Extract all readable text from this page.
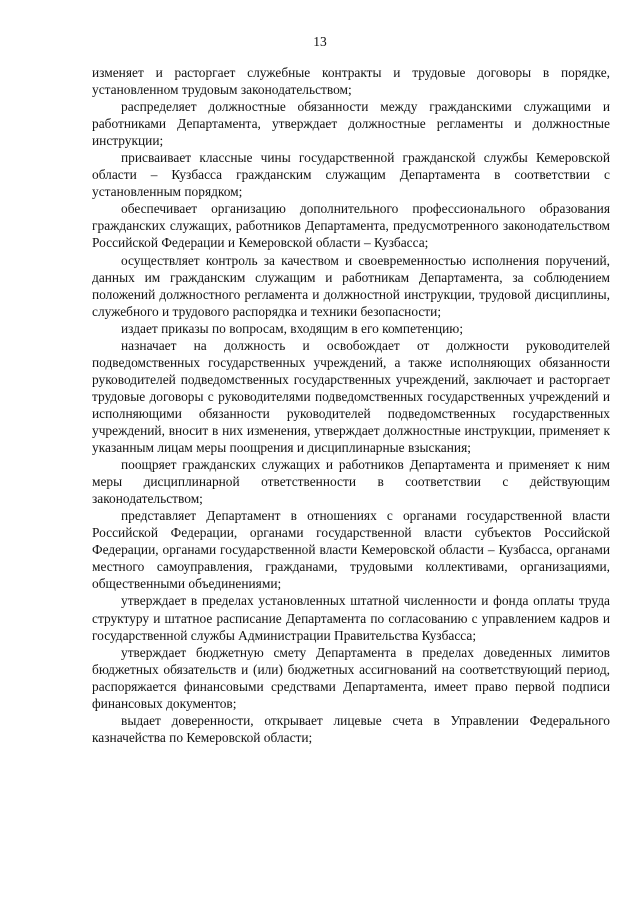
13

изменяет и расторгает служебные контракты и трудовые договоры в порядке, установленном трудовым законодательством;

распределяет должностные обязанности между гражданскими служащими и работниками Департамента, утверждает должностные регламенты и должностные инструкции;

присваивает классные чины государственной гражданской службы Кемеровской области – Кузбасса гражданским служащим Департамента в соответствии с установленным порядком;

обеспечивает организацию дополнительного профессионального образования гражданских служащих, работников Департамента, предусмотренного законодательством Российской Федерации и Кемеровской области – Кузбасса;

осуществляет контроль за качеством и своевременностью исполнения поручений, данных им гражданским служащим и работникам Департамента, за соблюдением положений должностного регламента и должностной инструкции, трудовой дисциплины, служебного и трудового распорядка и техники безопасности;

издает приказы по вопросам, входящим в его компетенцию;

назначает на должность и освобождает от должности руководителей подведомственных государственных учреждений, а также исполняющих обязанности руководителей подведомственных государственных учреждений, заключает и расторгает трудовые договоры с руководителями подведомственных государственных учреждений и исполняющими обязанности руководителей подведомственных государственных учреждений, вносит в них изменения, утверждает должностные инструкции, применяет к указанным лицам меры поощрения и дисциплинарные взыскания;

поощряет гражданских служащих и работников Департамента и применяет к ним меры дисциплинарной ответственности в соответствии с действующим законодательством;

представляет Департамент в отношениях с органами государственной власти Российской Федерации, органами государственной власти субъектов Российской Федерации, органами государственной власти Кемеровской области – Кузбасса, органами местного самоуправления, гражданами, трудовыми коллективами, организациями, общественными объединениями;

утверждает в пределах установленных штатной численности и фонда оплаты труда структуру и штатное расписание Департамента по согласованию с управлением кадров и государственной службы Администрации Правительства Кузбасса;

утверждает бюджетную смету Департамента в пределах доведенных лимитов бюджетных обязательств и (или) бюджетных ассигнований на соответствующий период, распоряжается финансовыми средствами Департамента, имеет право первой подписи финансовых документов;

выдает доверенности, открывает лицевые счета в Управлении Федерального казначейства по Кемеровской области;
